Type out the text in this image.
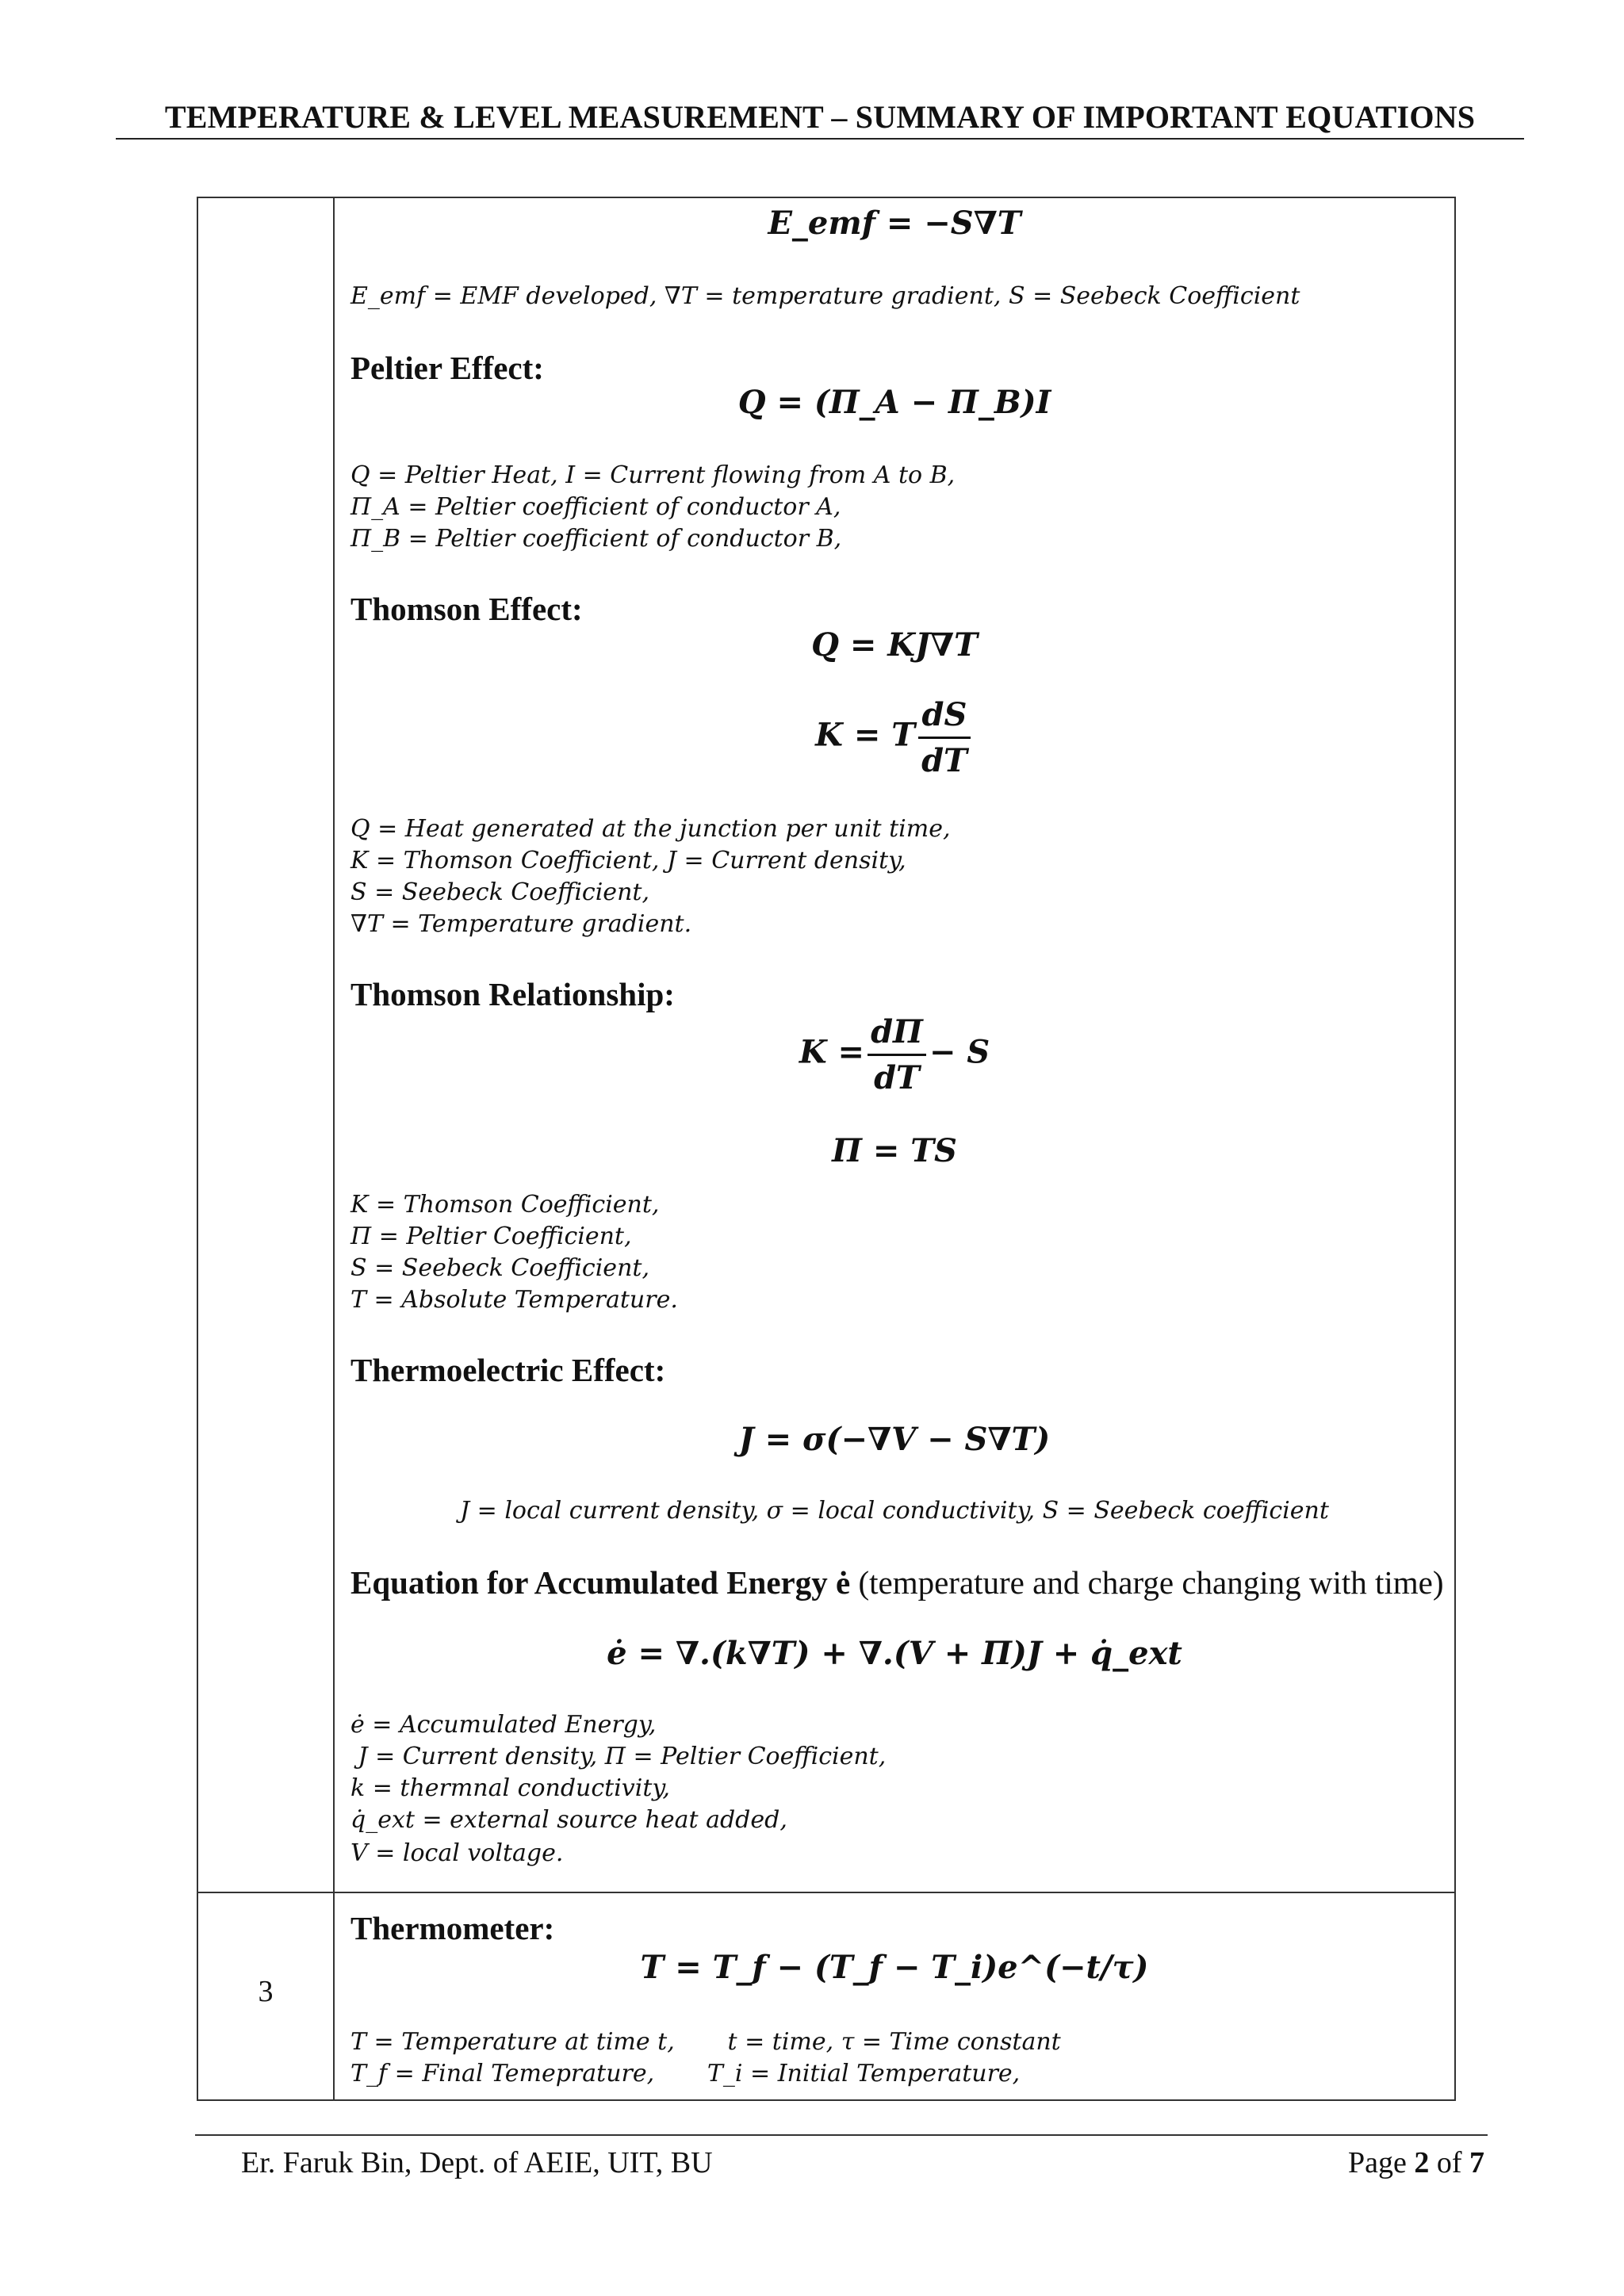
TEMPERATURE & LEVEL MEASUREMENT – SUMMARY OF IMPORTANT EQUATIONS
3
E_emf = −S∇T
E_emf = EMF developed, ∇T = temperature gradient, S = Seebeck Coefficient
Peltier Effect:
Q = (Π_A − Π_B)I
Q = Peltier Heat, I = Current flowing from A to B,
Π_A = Peltier coefficient of conductor A,
Π_B = Peltier coefficient of conductor B,
Thomson Effect:
Q = KJ∇T
K = T $\frac{dS}{dT}$
Q = Heat generated at the junction per unit time,
K = Thomson Coefficient, J = Current density,
S = Seebeck Coefficient,
∇T = Temperature gradient.
Thomson Relationship:
$K = \frac{d\Pi}{dT} - S$
Π = TS
K = Thomson Coefficient,
Π = Peltier Coefficient,
S = Seebeck Coefficient,
T = Absolute Temperature.
Thermoelectric Effect:
J = σ(−∇V − S∇T)
J = local current density, σ = local conductivity, S = Seebeck coefficient
Equation for Accumulated Energy ė (temperature and charge changing with time)
ė = ∇.(k∇T) + ∇.(V + Π)J + q̇_ext
ė = Accumulated Energy,
J = Current density, Π = Peltier Coefficient,
k = thermnal conductivity,
q̇_ext = external source heat added,
V = local voltage.
Thermometer:
T = T_f − (T_f − T_i)e^(−t/τ)
T = Temperature at time t,       t = time, τ = Time constant
T_f = Final Temeprature,       T_i = Initial Temperature,
Er. Faruk Bin, Dept. of AEIE, UIT, BU	Page 2 of 7
